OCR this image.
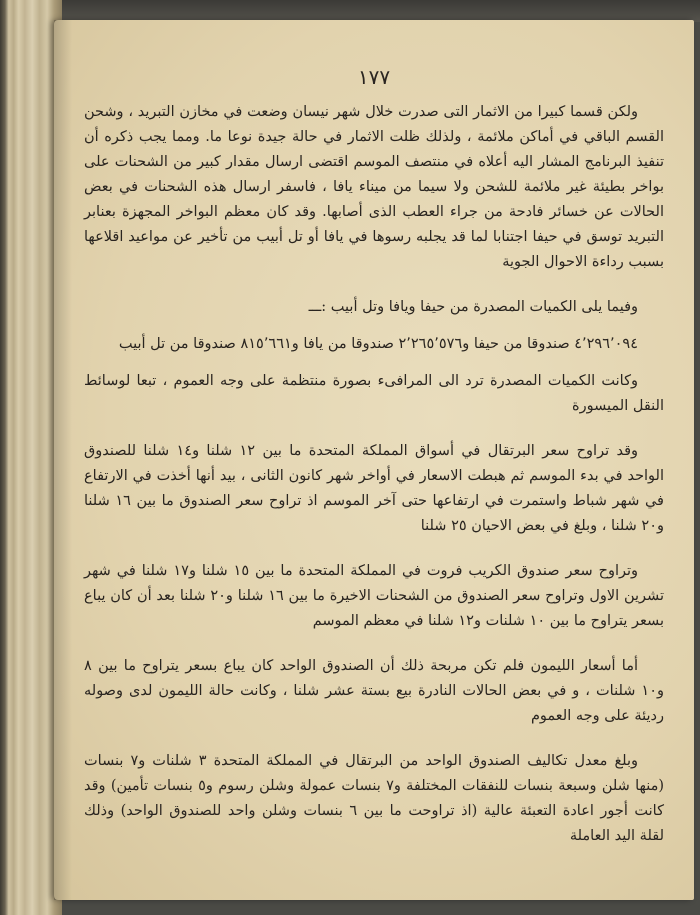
١٧٧

ولكن قسما كبيرا من الاثمار التى صدرت خلال شهر نيسان وضعت في مخازن التبريد ، وشحن القسم الباقي في أماكن ملائمة ، ولذلك ظلت الاثمار في حالة جيدة نوعا ما. ومما يجب ذكره أن تنفيذ البرنامج المشار اليه أعلاه في منتصف الموسم اقتضى ارسال مقدار كبير من الشحنات على بواخر بطيئة غير ملائمة للشحن ولا سيما من ميناء يافا ، فاسفر ارسال هذه الشحنات في بعض الحالات عن خسائر فادحة من جراء العطب الذى أصابها. وقد كان معظم البواخر المجهزة بعنابر التبريد توسق في حيفا اجتنابا لما قد يجلبه رسوها في يافا أو تل أبيب من تأخير عن مواعيد اقلاعها بسبب رداءة الاحوال الجوية

وفيما يلى الكميات المصدرة من حيفا ويافا وتل أبيب :ـــ

٤٬٢٩٦٬٠٩٤ صندوقا من حيفا و٢٬٢٦٥٬٥٧٦ صندوقا من يافا و٨١٥٬٦٦١ صندوقا من تل أبيب

وكانت الكميات المصدرة ترد الى المرافىء بصورة منتظمة على وجه العموم ، تبعا لوسائط النقل الميسورة

وقد تراوح سعر البرتقال في أسواق المملكة المتحدة ما بين ١٢ شلنا و١٤ شلنا للصندوق الواحد في بدء الموسم ثم هبطت الاسعار في أواخر شهر كانون الثانى ، بيد أنها أخذت في الارتفاع في شهر شباط واستمرت في ارتفاعها حتى آخر الموسم اذ تراوح سعر الصندوق ما بين ١٦ شلنا و٢٠ شلنا ، وبلغ في بعض الاحيان ٢٥ شلنا

وتراوح سعر صندوق الكريب فروت في المملكة المتحدة ما بين ١٥ شلنا و١٧ شلنا في شهر تشرين الاول وتراوح سعر الصندوق من الشحنات الاخيرة ما بين ١٦ شلنا و٢٠ شلنا بعد أن كان يباع بسعر يتراوح ما بين ١٠ شلنات و١٢ شلنا في معظم الموسم

أما أسعار الليمون فلم تكن مربحة ذلك أن الصندوق الواحد كان يباع بسعر يتراوح ما بين ٨ و١٠ شلنات ، و في بعض الحالات النادرة بيع بستة عشر شلنا ، وكانت حالة الليمون لدى وصوله رديئة على وجه العموم

وبلغ معدل تكاليف الصندوق الواحد من البرتقال في المملكة المتحدة ٣ شلنات و٧ بنسات (منها شلن وسبعة بنسات للنفقات المختلفة و٧ بنسات عمولة وشلن رسوم و٥ بنسات تأمين) وقد كانت أجور اعادة التعبئة عالية (اذ تراوحت ما بين ٦ بنسات وشلن واحد للصندوق الواحد) وذلك لقلة اليد العاملة
